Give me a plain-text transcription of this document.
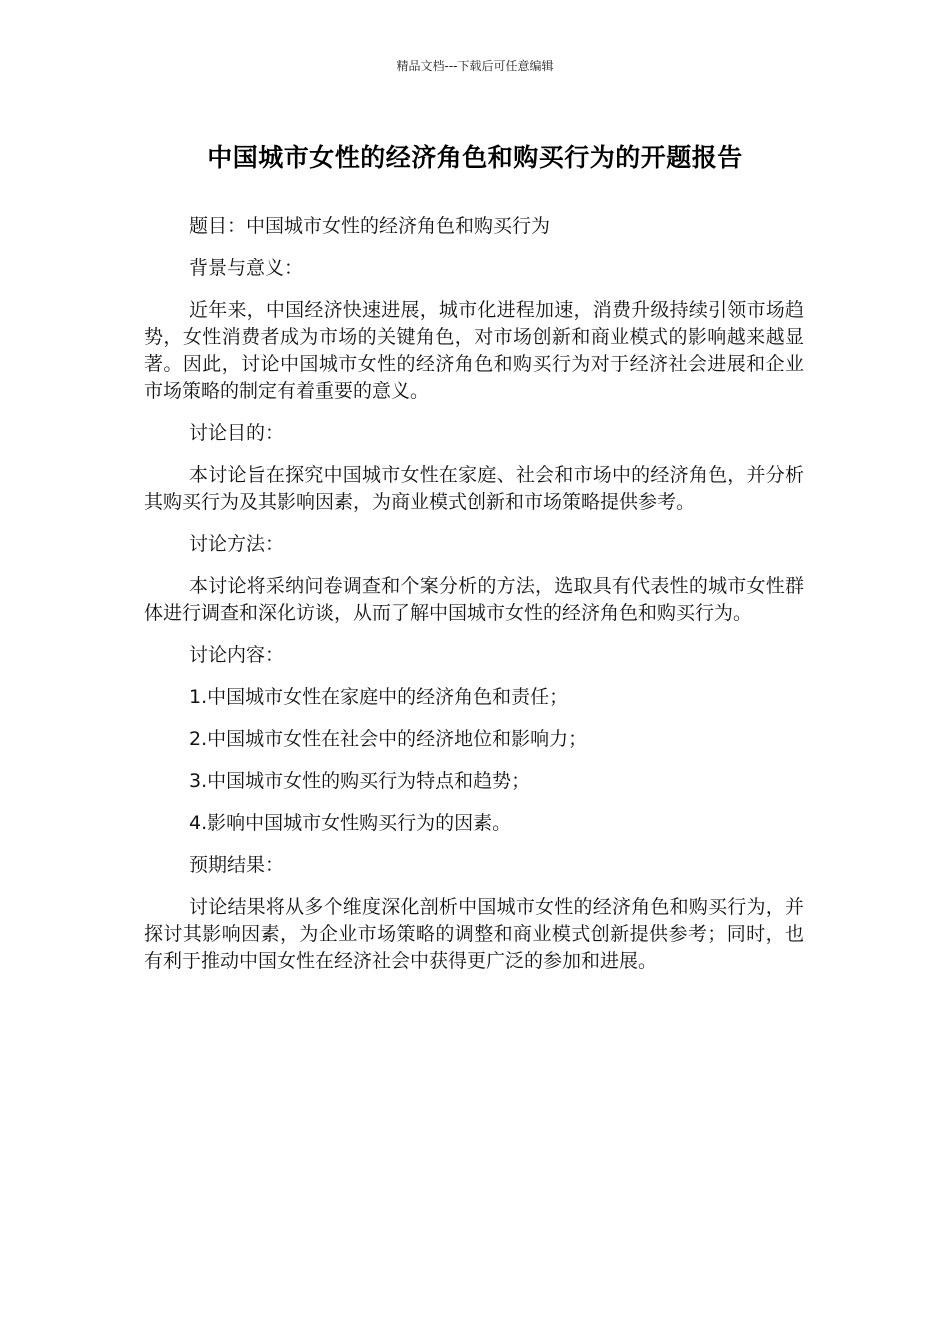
精品文档---下载后可任意编辑
中国城市女性的经济角色和购买行为的开题报告

题目：中国城市女性的经济角色和购买行为

背景与意义：

近年来，中国经济快速进展，城市化进程加速，消费升级持续引领市场趋势，女性消费者成为市场的关键角色，对市场创新和商业模式的影响越来越显著。因此，讨论中国城市女性的经济角色和购买行为对于经济社会进展和企业市场策略的制定有着重要的意义。

讨论目的：

本讨论旨在探究中国城市女性在家庭、社会和市场中的经济角色，并分析其购买行为及其影响因素，为商业模式创新和市场策略提供参考。

讨论方法：

本讨论将采纳问卷调查和个案分析的方法，选取具有代表性的城市女性群体进行调查和深化访谈，从而了解中国城市女性的经济角色和购买行为。

讨论内容：

1.中国城市女性在家庭中的经济角色和责任；

2.中国城市女性在社会中的经济地位和影响力；

3.中国城市女性的购买行为特点和趋势；

4.影响中国城市女性购买行为的因素。

预期结果：

讨论结果将从多个维度深化剖析中国城市女性的经济角色和购买行为，并探讨其影响因素，为企业市场策略的调整和商业模式创新提供参考；同时，也有利于推动中国女性在经济社会中获得更广泛的参加和进展。
